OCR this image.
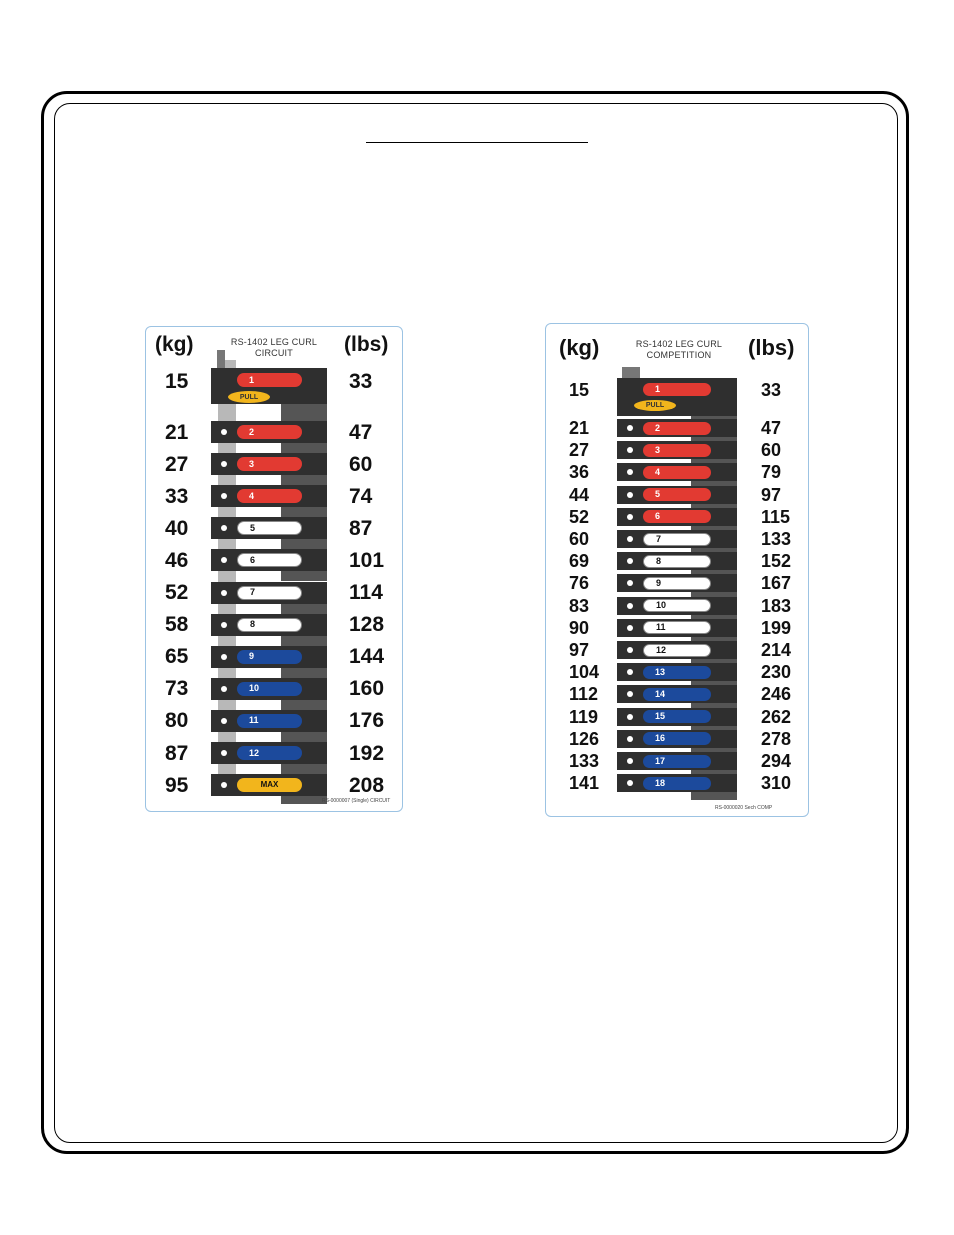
(kg)	(lbs)
RS-1402 LEG CURL
CIRCUIT	(kg)	(lbs)
RS-1402 LEG CURL
COMPETITION
1
15	33
2
21	47
3
27	60
4
33	74
5
40	87
6
46	101
7
52	114
8
58	128
9
65	144
10
73	160
11
80	176
12
87	192
MAX
95	208
PULL
RS-0000007 (Single) CIRCUIT
1
15	33
2
21	47
3
27	60
4
36	79
5
44	97
6
52	115
7
60	133
8
69	152
9
76	167
10
83	183
11
90	199
12
97	214
13
104	230
14
112	246
15
119	262
16
126	278
17
133	294
18
141	310
PULL
RS-0000020 Sech COMP
